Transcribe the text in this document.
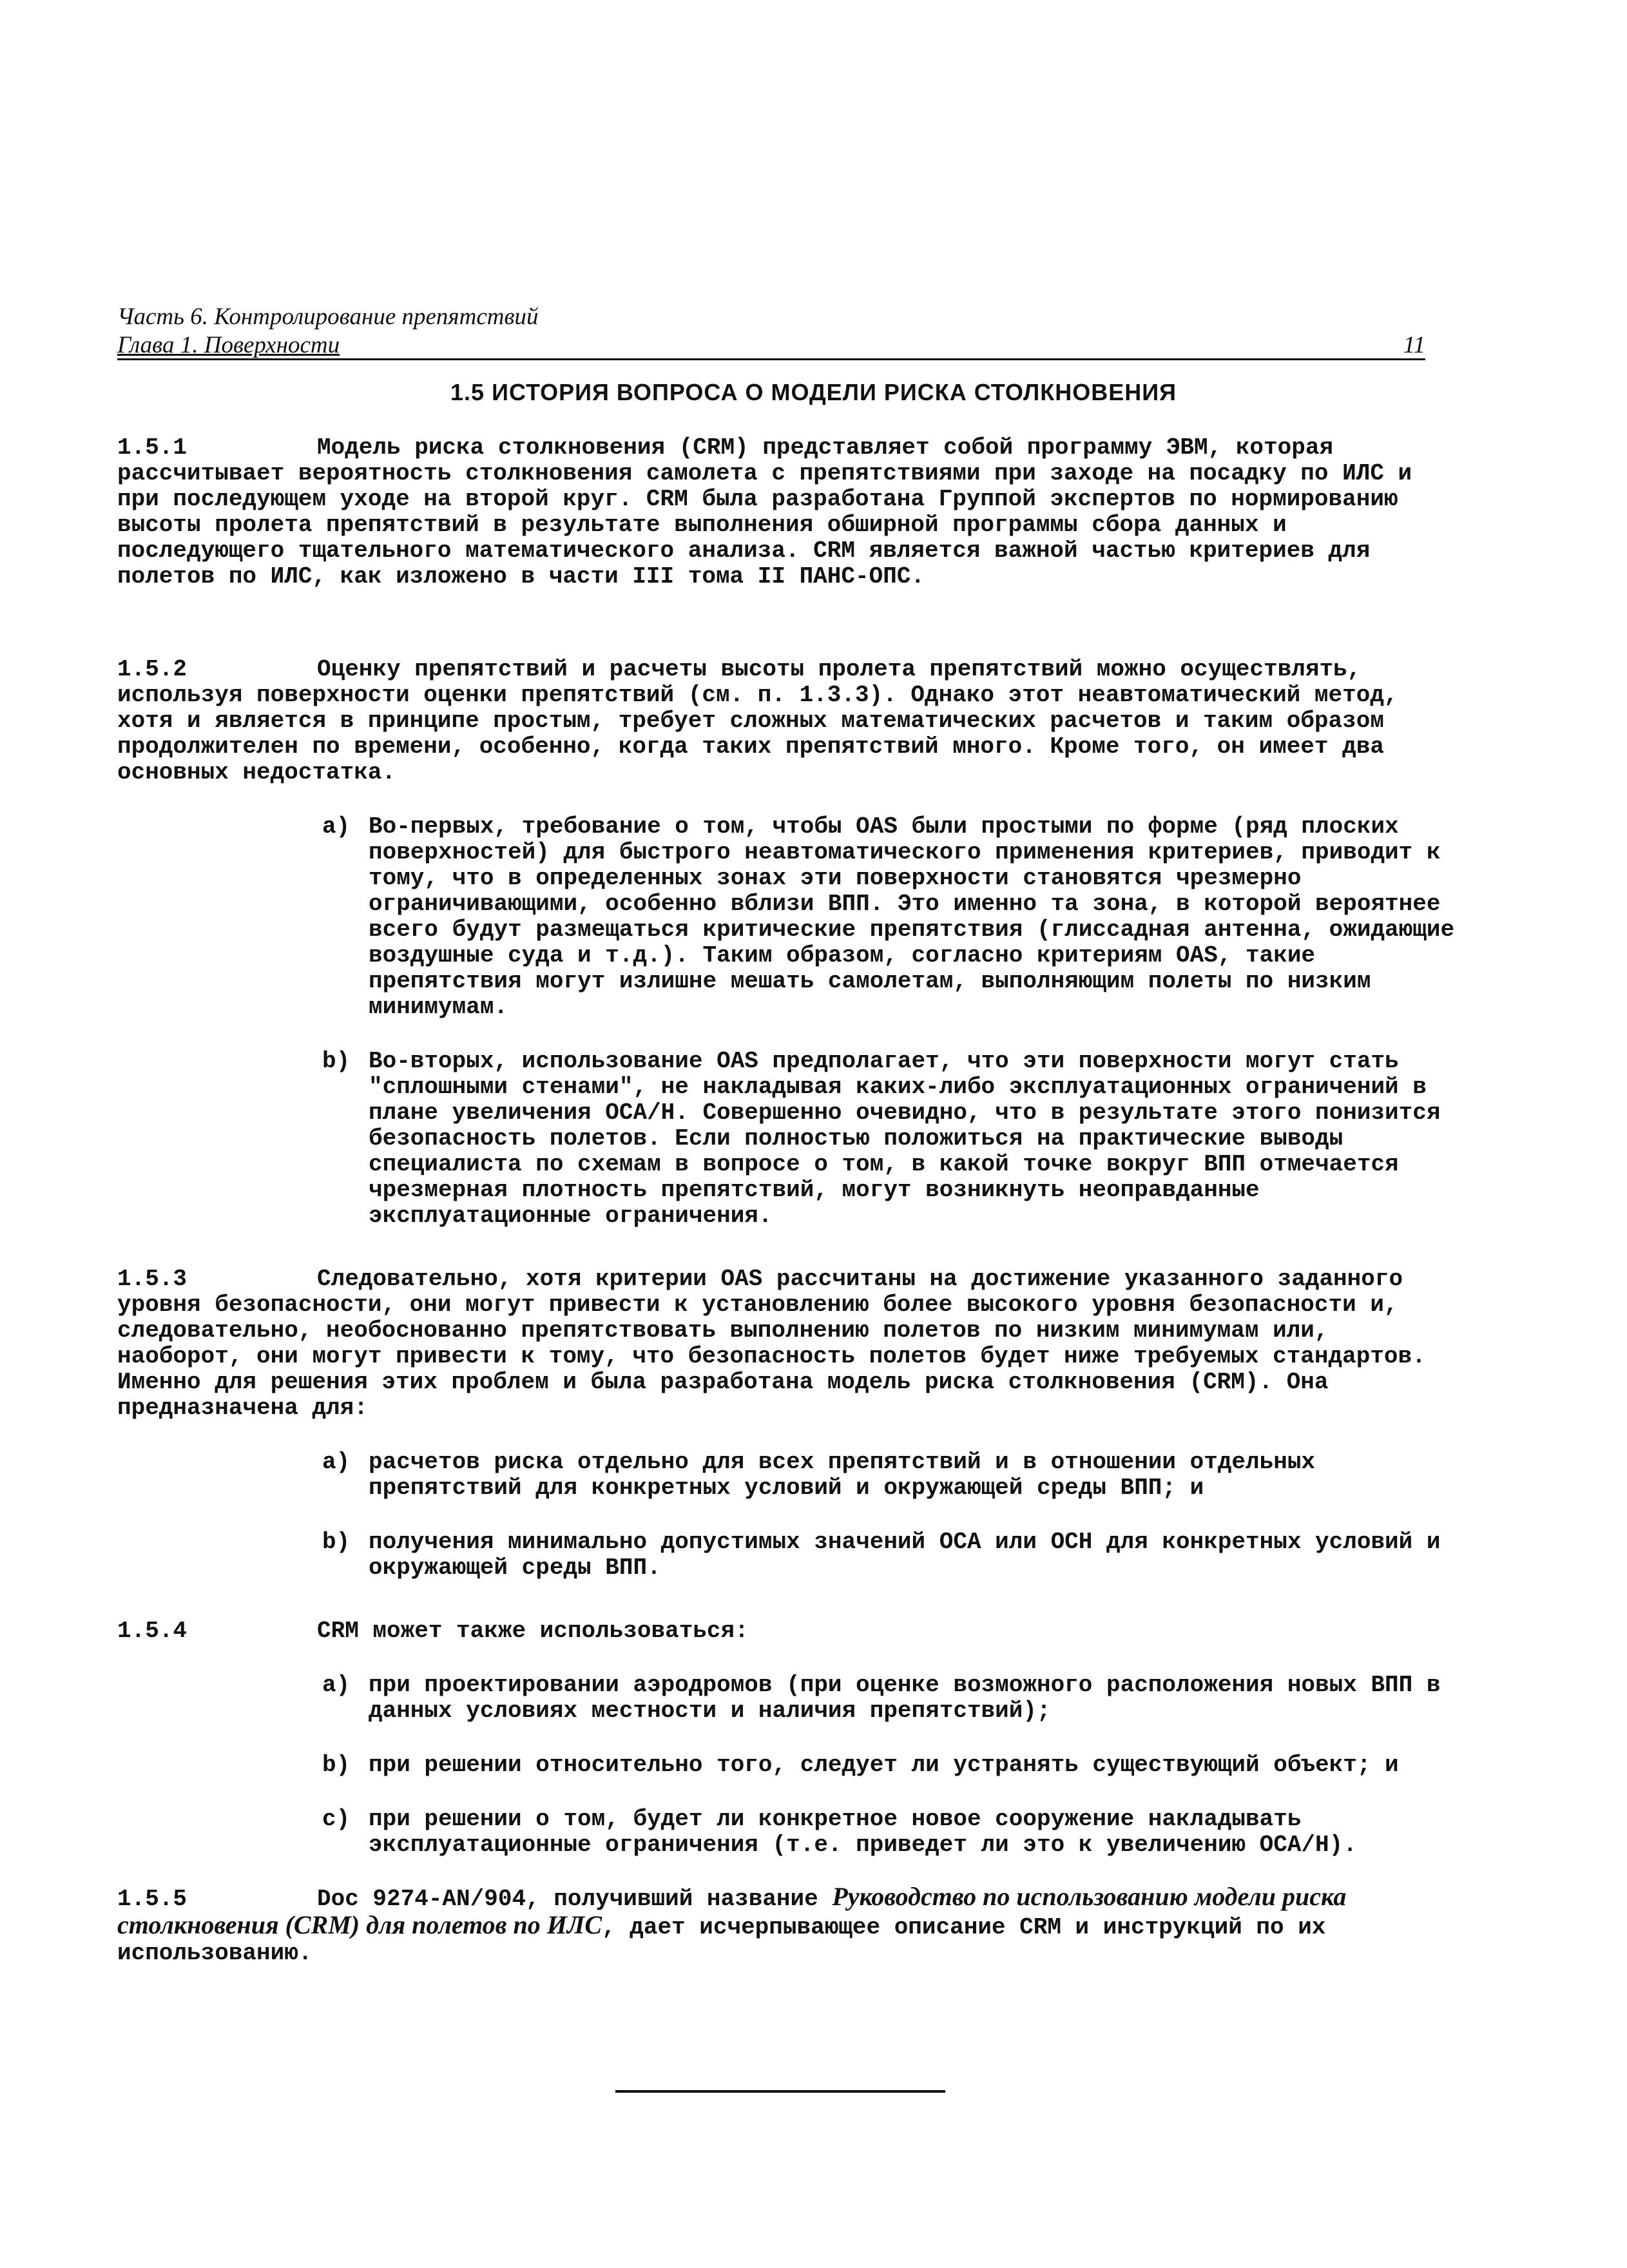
Часть 6. Контролирование препятствий
Глава 1. Поверхности	11
1.5 ИСТОРИЯ ВОПРОСА О МОДЕЛИ РИСКА СТОЛКНОВЕНИЯ
1.5.1	Модель риска столкновения (CRM) представляет собой программу ЭВМ, которая рассчитывает вероятность столкновения самолета с препятствиями при заходе на посадку по ИЛС и при последующем уходе на второй круг. CRM была разработана Группой экспертов по нормированию высоты пролета препятствий в результате выполнения обширной программы сбора данных и последующего тщательного математического анализа. CRM является важной частью критериев для полетов по ИЛС, как изложено в части III тома II ПАНС-ОПС.
1.5.2	Оценку препятствий и расчеты высоты пролета препятствий можно осуществлять, используя поверхности оценки препятствий (см. п. 1.3.3). Однако этот неавтоматический метод, хотя и является в принципе простым, требует сложных математических расчетов и таким образом продолжителен по времени, особенно, когда таких препятствий много. Кроме того, он имеет два основных недостатка.
a) Во-первых, требование о том, чтобы OAS были простыми по форме (ряд плоских поверхностей) для быстрого неавтоматического применения критериев, приводит к тому, что в определенных зонах эти поверхности становятся чрезмерно ограничивающими, особенно вблизи ВПП. Это именно та зона, в которой вероятнее всего будут размещаться критические препятствия (глиссадная антенна, ожидающие воздушные суда и т.д.). Таким образом, согласно критериям OAS, такие препятствия могут излишне мешать самолетам, выполняющим полеты по низким минимумам.
b) Во-вторых, использование OAS предполагает, что эти поверхности могут стать "сплошными стенами", не накладывая каких-либо эксплуатационных ограничений в плане увеличения OCA/H. Совершенно очевидно, что в результате этого понизится безопасность полетов. Если полностью положиться на практические выводы специалиста по схемам в вопросе о том, в какой точке вокруг ВПП отмечается чрезмерная плотность препятствий, могут возникнуть неоправданные эксплуатационные ограничения.
1.5.3	Следовательно, хотя критерии OAS рассчитаны на достижение указанного заданного уровня безопасности, они могут привести к установлению более высокого уровня безопасности и, следовательно, необоснованно препятствовать выполнению полетов по низким минимумам или, наоборот, они могут привести к тому, что безопасность полетов будет ниже требуемых стандартов. Именно для решения этих проблем и была разработана модель риска столкновения (CRM). Она предназначена для:
a) расчетов риска отдельно для всех препятствий и в отношении отдельных препятствий для конкретных условий и окружающей среды ВПП; и
b) получения минимально допустимых значений OCA или OCH для конкретных условий и окружающей среды ВПП.
1.5.4	CRM может также использоваться:
a) при проектировании аэродромов (при оценке возможного расположения новых ВПП в данных условиях местности и наличия препятствий);
b) при решении относительно того, следует ли устранять существующий объект; и
c) при решении о том, будет ли конкретное новое сооружение накладывать эксплуатационные ограничения (т.е. приведет ли это к увеличению OCA/H).
1.5.5	Doc 9274-AN/904, получивший название Руководство по использованию модели риска столкновения (CRM) для полетов по ИЛС, дает исчерпывающее описание CRM и инструкций по их использованию.
